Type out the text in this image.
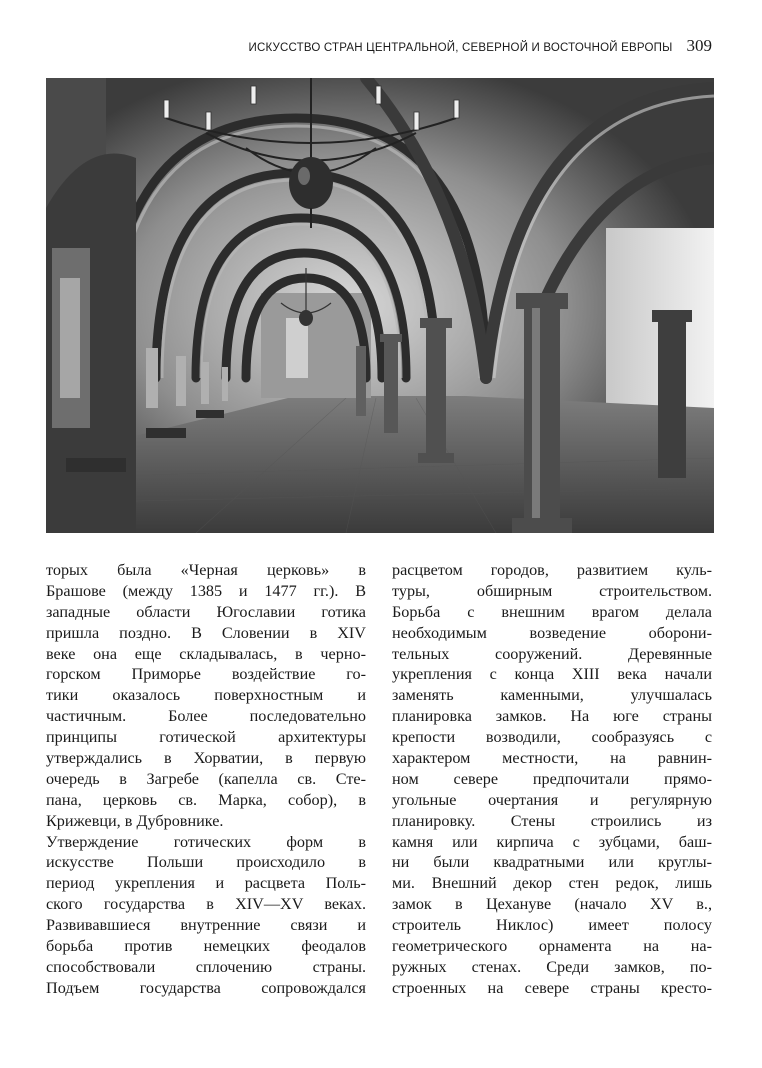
ИСКУССТВО СТРАН ЦЕНТРАЛЬНОЙ, СЕВЕРНОЙ И ВОСТОЧНОЙ ЕВРОПЫ 309
торых была «Черная церковь» в
Брашове (между 1385 и 1477 гг.). В
западные области Югославии готика
пришла поздно. В Словении в XIV
веке она еще складывалась, в черно-
горском Приморье воздействие го-
тики оказалось поверхностным и
частичным. Более последовательно
принципы готической архитектуры
утверждались в Хорватии, в первую
очередь в Загребе (капелла св. Сте-
пана, церковь св. Марка, собор), в
Крижевци, в Дубровнике.
Утверждение готических форм в
искусстве Польши происходило в
период укрепления и расцвета Поль-
ского государства в XIV—XV веках.
Развивавшиеся внутренние связи и
борьба против немецких феодалов
способствовали сплочению страны.
Подъем государства сопровождался
расцветом городов, развитием куль-
туры, обширным строительством.
Борьба с внешним врагом делала
необходимым возведение оборони-
тельных сооружений. Деревянные
укрепления с конца XIII века начали
заменять каменными, улучшалась
планировка замков. На юге страны
крепости возводили, сообразуясь с
характером местности, на равнин-
ном севере предпочитали прямо-
угольные очертания и регулярную
планировку. Стены строились из
камня или кирпича с зубцами, баш-
ни были квадратными или круглы-
ми. Внешний декор стен редок, лишь
замок в Цехануве (начало XV в.,
строитель Никлос) имеет полосу
геометрического орнамента на на-
ружных стенах. Среди замков, по-
строенных на севере страны кресто-
